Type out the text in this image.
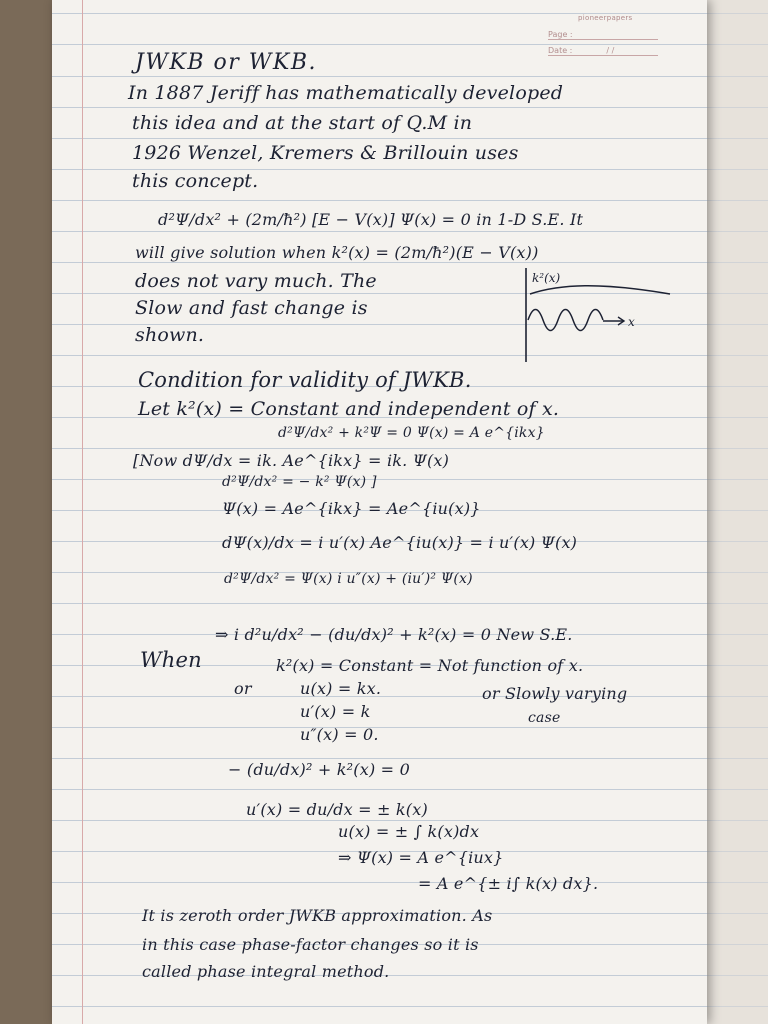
pioneerpapers
Page :
Date :	/ /
JWKB or WKB.
In 1887 Jeriff has mathematically developed
this idea and at the start of Q.M in
1926 Wenzel, Kremers & Brillouin uses
this concept.
d²Ψ/dx² + (2m/ħ²) [E − V(x)] Ψ(x) = 0 in 1-D S.E. It
will give solution when k²(x) = (2m/ħ²)(E − V(x))
does not vary much. The
Slow and fast change is
shown.
k²(x)
x
Condition for validity of JWKB.
Let k²(x) = Constant and independent of x.
d²Ψ/dx² + k²Ψ = 0 Ψ(x) = A e^{ikx}
[Now dΨ/dx = ik. Ae^{ikx} = ik. Ψ(x)
d²Ψ/dx² = − k² Ψ(x) ]
Ψ(x) = Ae^{ikx} = Ae^{iu(x)}
dΨ(x)/dx = i u′(x) Ae^{iu(x)} = i u′(x) Ψ(x)
d²Ψ/dx² = Ψ(x) i u″(x) + (iu′)² Ψ(x)
⇒ i d²u/dx² − (du/dx)² + k²(x) = 0 New S.E.
When	k²(x) = Constant = Not function of x.
or	u(x) = kx.	or Slowly varying
case
u′(x) = k
u″(x) = 0.
− (du/dx)² + k²(x) = 0
u′(x) = du/dx = ± k(x)
u(x) = ± ∫ k(x)dx
⇒ Ψ(x) = A e^{iux}
= A e^{± i∫ k(x) dx}.
It is zeroth order JWKB approximation. As
in this case phase-factor changes so it is
called phase integral method.
